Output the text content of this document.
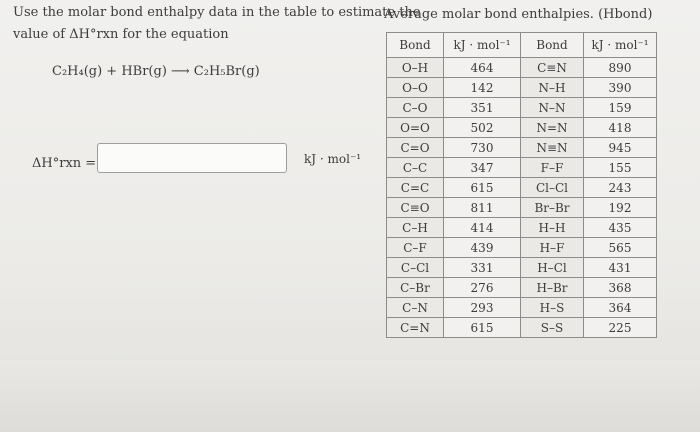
Use the molar bond enthalpy data in the table to estimate the
value of ΔH°rxn for the equation
C₂H₄(g) + HBr(g) ⟶ C₂H₅Br(g)
ΔH°rxn =	kJ · mol⁻¹
Average molar bond enthalpies. (Hbond)
Bond	kJ · mol⁻¹	Bond	kJ · mol⁻¹
O–H	464	C≡N	890
O–O	142	N–H	390
C–O	351	N–N	159
O=O	502	N=N	418
C=O	730	N≡N	945
C–C	347	F–F	155
C=C	615	Cl–Cl	243
C≡O	811	Br–Br	192
C–H	414	H–H	435
C–F	439	H–F	565
C–Cl	331	H–Cl	431
C–Br	276	H–Br	368
C–N	293	H–S	364
C=N	615	S–S	225
